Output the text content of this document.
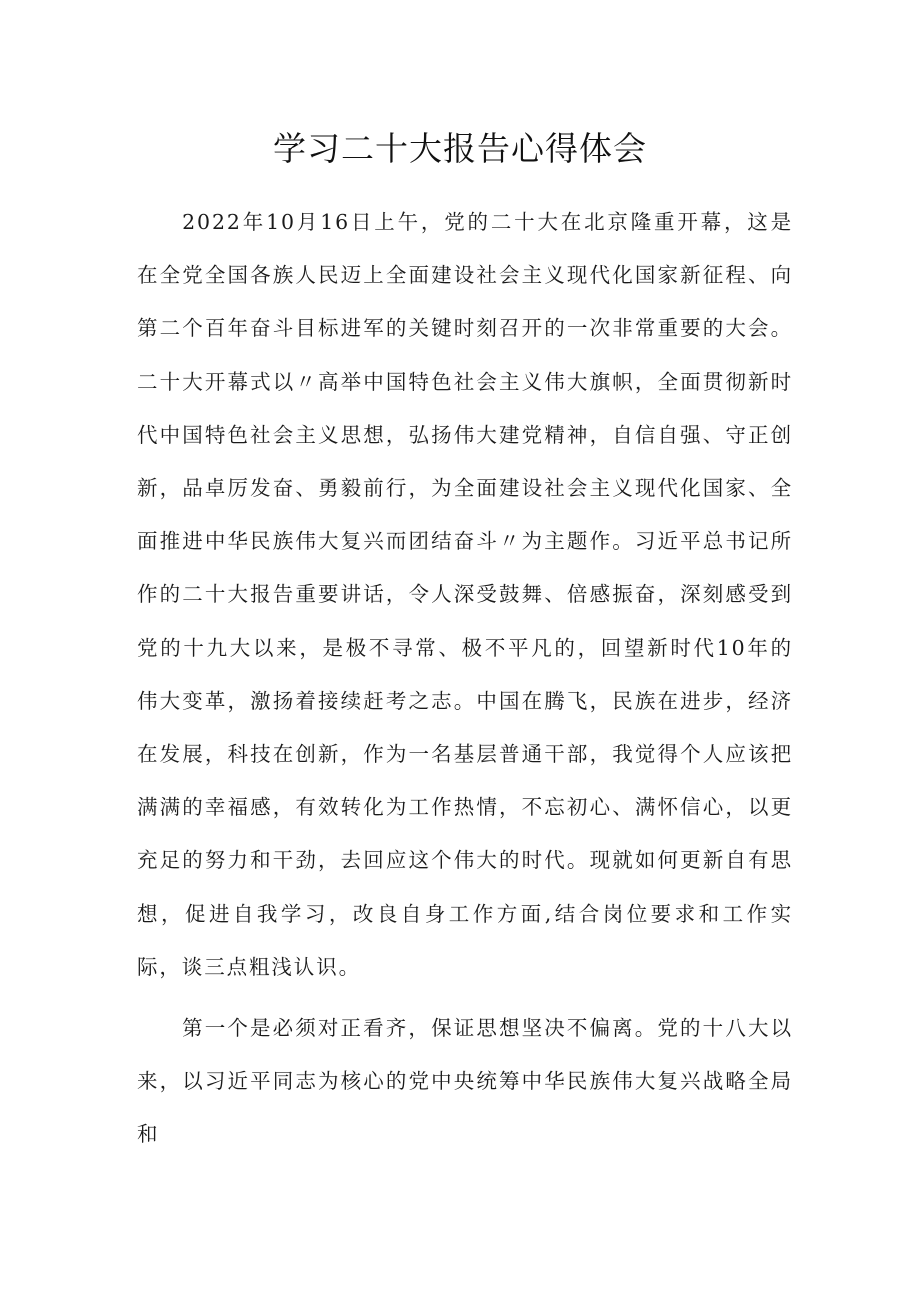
学习二十大报告心得体会

2022年10月16日上午，党的二十大在北京隆重开幕，这是在全党全国各族人民迈上全面建设社会主义现代化国家新征程、向第二个百年奋斗目标进军的关键时刻召开的一次非常重要的大会。二十大开幕式以〃高举中国特色社会主义伟大旗帜，全面贯彻新时代中国特色社会主义思想，弘扬伟大建党精神，自信自强、守正创新，品卓厉发奋、勇毅前行，为全面建设社会主义现代化国家、全面推进中华民族伟大复兴而团结奋斗〃为主题作。习近平总书记所作的二十大报告重要讲话，令人深受鼓舞、倍感振奋，深刻感受到党的十九大以来，是极不寻常、极不平凡的，回望新时代10年的伟大变革，激扬着接续赶考之志。中国在腾飞，民族在进步，经济在发展，科技在创新，作为一名基层普通干部，我觉得个人应该把满满的幸福感，有效转化为工作热情，不忘初心、满怀信心，以更充足的努力和干劲，去回应这个伟大的时代。现就如何更新自有思想，促进自我学习，改良自身工作方面,结合岗位要求和工作实际，谈三点粗浅认识。

第一个是必须对正看齐，保证思想坚决不偏离。党的十八大以来，以习近平同志为核心的党中央统筹中华民族伟大复兴战略全局和
